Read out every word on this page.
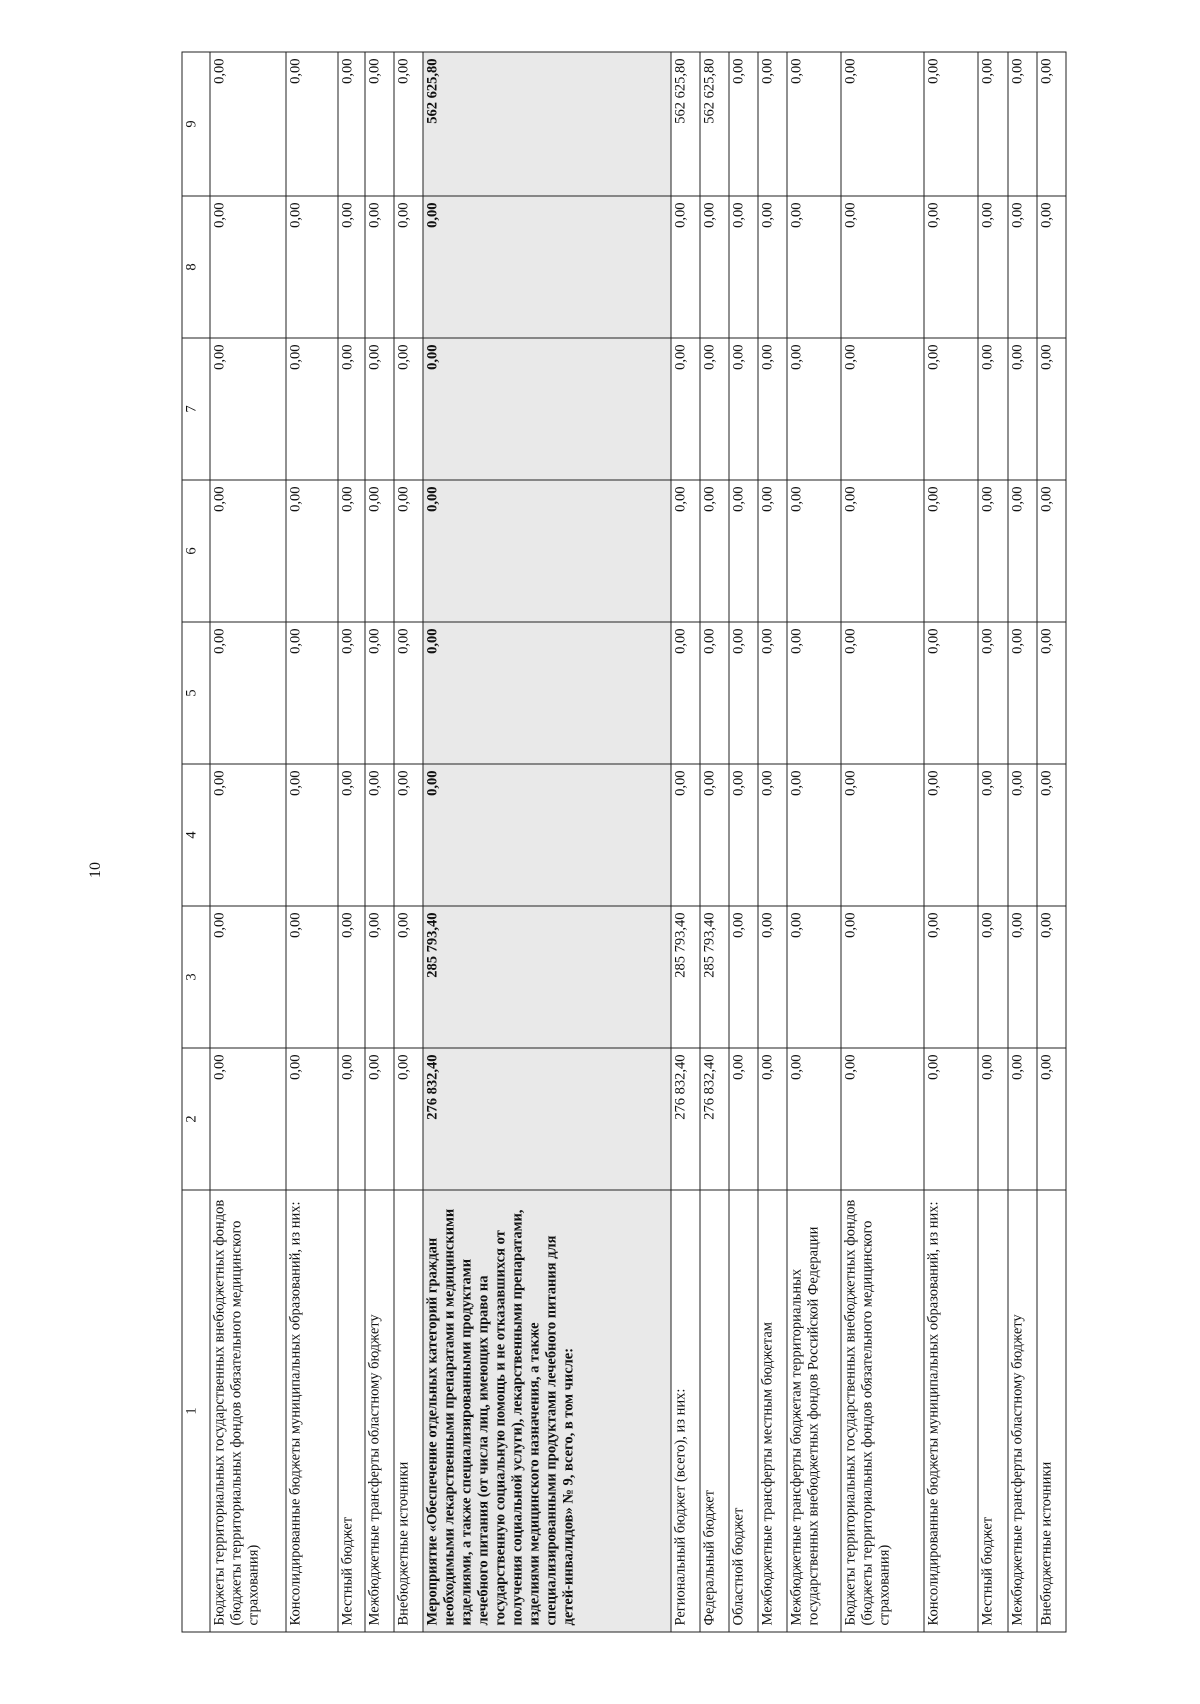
10
1	2	3	4	5	6	7	8	9
Бюджеты территориальных государственных внебюджетных фондов (бюджеты территориальных фондов обязательного медицинского страхования)	0,00	0,00	0,00	0,00	0,00	0,00	0,00	0,00
Консолидированные бюджеты муниципальных образований, из них:	0,00	0,00	0,00	0,00	0,00	0,00	0,00	0,00
Местный бюджет	0,00	0,00	0,00	0,00	0,00	0,00	0,00	0,00
Межбюджетные трансферты областному бюджету	0,00	0,00	0,00	0,00	0,00	0,00	0,00	0,00
Внебюджетные источники	0,00	0,00	0,00	0,00	0,00	0,00	0,00	0,00
Мероприятие «Обеспечение отдельных категорий граждан необходимыми лекарственными препаратами и медицинскими изделиями, а также специализированными продуктами лечебного питания (от числа лиц, имеющих право на государственную социальную помощь и не отказавшихся от получения социальной услуги), лекарственными препаратами, изделиями медицинского назначения, а также специализированными продуктами лечебного питания для детей-инвалидов» № 9, всего, в том числе:	276 832,40	285 793,40	0,00	0,00	0,00	0,00	0,00	562 625,80
Региональный бюджет (всего), из них:	276 832,40	285 793,40	0,00	0,00	0,00	0,00	0,00	562 625,80
Федеральный бюджет	276 832,40	285 793,40	0,00	0,00	0,00	0,00	0,00	562 625,80
Областной бюджет	0,00	0,00	0,00	0,00	0,00	0,00	0,00	0,00
Межбюджетные трансферты местным бюджетам	0,00	0,00	0,00	0,00	0,00	0,00	0,00	0,00
Межбюджетные трансферты бюджетам территориальных государственных внебюджетных фондов Российской Федерации	0,00	0,00	0,00	0,00	0,00	0,00	0,00	0,00
Бюджеты территориальных государственных внебюджетных фондов (бюджеты территориальных фондов обязательного медицинского страхования)	0,00	0,00	0,00	0,00	0,00	0,00	0,00	0,00
Консолидированные бюджеты муниципальных образований, из них:	0,00	0,00	0,00	0,00	0,00	0,00	0,00	0,00
Местный бюджет	0,00	0,00	0,00	0,00	0,00	0,00	0,00	0,00
Межбюджетные трансферты областному бюджету	0,00	0,00	0,00	0,00	0,00	0,00	0,00	0,00
Внебюджетные источники	0,00	0,00	0,00	0,00	0,00	0,00	0,00	0,00
